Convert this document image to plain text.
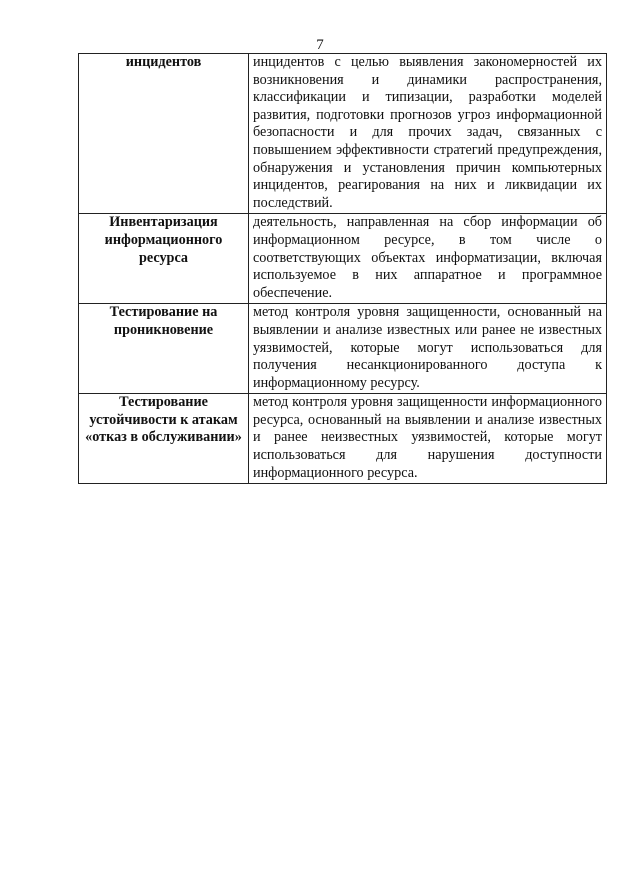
7
инцидентов	инцидентов с целью выявления закономерностей их возникновения и динамики распространения, классификации и типизации, разработки моделей развития, подготовки прогнозов угроз информационной безопасности и для прочих задач, связанных с повышением эффективности стратегий предупреждения, обнаружения и установления причин компьютерных инцидентов, реагирования на них и ликвидации их последствий.
Инвентаризация информационного ресурса	деятельность, направленная на сбор информации об информационном ресурсе, в том числе о соответствующих объектах информатизации, включая используемое в них аппаратное и программное обеспечение.
Тестирование на проникновение	метод контроля уровня защищенности, основанный на выявлении и анализе известных или ранее не известных уязвимостей, которые могут использоваться для получения несанкционированного доступа к информационному ресурсу.
Тестирование устойчивости к атакам «отказ в обслуживании»	метод контроля уровня защищенности информационного ресурса, основанный на выявлении и анализе известных и ранее неизвестных уязвимостей, которые могут использоваться для нарушения доступности информационного ресурса.
